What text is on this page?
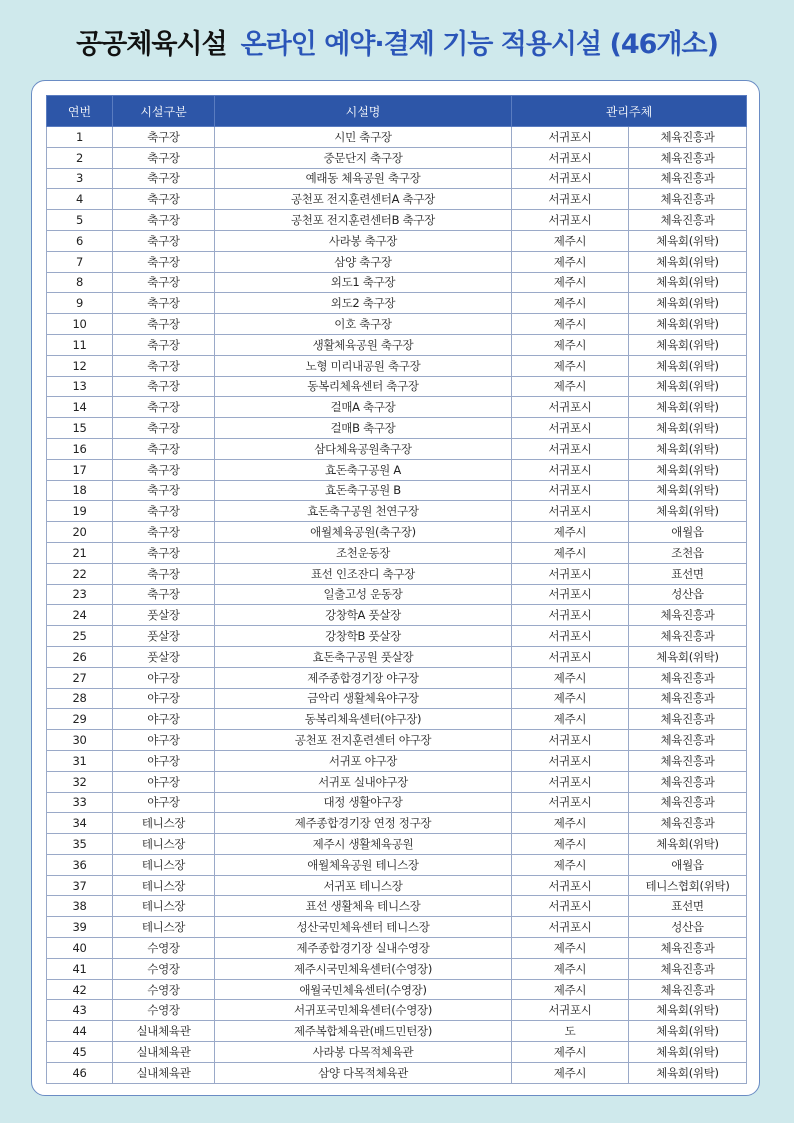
공공체육시설 온라인 예약·결제 기능 적용시설 (46개소)
연번	시설구분	시설명	관리주체	
1	축구장	시민 축구장	서귀포시	체육진흥과
2	축구장	중문단지 축구장	서귀포시	체육진흥과
3	축구장	예래동 체육공원 축구장	서귀포시	체육진흥과
4	축구장	공천포 전지훈련센터A 축구장	서귀포시	체육진흥과
5	축구장	공천포 전지훈련센터B 축구장	서귀포시	체육진흥과
6	축구장	사라봉 축구장	제주시	체육회(위탁)
7	축구장	삼양 축구장	제주시	체육회(위탁)
8	축구장	외도1 축구장	제주시	체육회(위탁)
9	축구장	외도2 축구장	제주시	체육회(위탁)
10	축구장	이호 축구장	제주시	체육회(위탁)
11	축구장	생활체육공원 축구장	제주시	체육회(위탁)
12	축구장	노형 미리내공원 축구장	제주시	체육회(위탁)
13	축구장	동복리체육센터 축구장	제주시	체육회(위탁)
14	축구장	걸매A 축구장	서귀포시	체육회(위탁)
15	축구장	걸매B 축구장	서귀포시	체육회(위탁)
16	축구장	삼다체육공원축구장	서귀포시	체육회(위탁)
17	축구장	효돈축구공원 A	서귀포시	체육회(위탁)
18	축구장	효돈축구공원 B	서귀포시	체육회(위탁)
19	축구장	효돈축구공원 천연구장	서귀포시	체육회(위탁)
20	축구장	애월체육공원(축구장)	제주시	애월읍
21	축구장	조천운동장	제주시	조천읍
22	축구장	표선 인조잔디 축구장	서귀포시	표선면
23	축구장	일출고성 운동장	서귀포시	성산읍
24	풋살장	강창학A 풋살장	서귀포시	체육진흥과
25	풋살장	강창학B 풋살장	서귀포시	체육진흥과
26	풋살장	효돈축구공원 풋살장	서귀포시	체육회(위탁)
27	야구장	제주종합경기장 야구장	제주시	체육진흥과
28	야구장	금악리 생활체육야구장	제주시	체육진흥과
29	야구장	동복리체육센터(야구장)	제주시	체육진흥과
30	야구장	공천포 전지훈련센터 야구장	서귀포시	체육진흥과
31	야구장	서귀포 야구장	서귀포시	체육진흥과
32	야구장	서귀포 실내야구장	서귀포시	체육진흥과
33	야구장	대정 생활야구장	서귀포시	체육진흥과
34	테니스장	제주종합경기장 연정 정구장	제주시	체육진흥과
35	테니스장	제주시 생활체육공원	제주시	체육회(위탁)
36	테니스장	애월체육공원 테니스장	제주시	애월읍
37	테니스장	서귀포 테니스장	서귀포시	테니스협회(위탁)
38	테니스장	표선 생활체육 테니스장	서귀포시	표선면
39	테니스장	성산국민체육센터 테니스장	서귀포시	성산읍
40	수영장	제주종합경기장 실내수영장	제주시	체육진흥과
41	수영장	제주시국민체육센터(수영장)	제주시	체육진흥과
42	수영장	애월국민체육센터(수영장)	제주시	체육진흥과
43	수영장	서귀포국민체육센터(수영장)	서귀포시	체육회(위탁)
44	실내체육관	제주복합체육관(배드민턴장)	도	체육회(위탁)
45	실내체육관	사라봉 다목적체육관	제주시	체육회(위탁)
46	실내체육관	삼양 다목적체육관	제주시	체육회(위탁)
